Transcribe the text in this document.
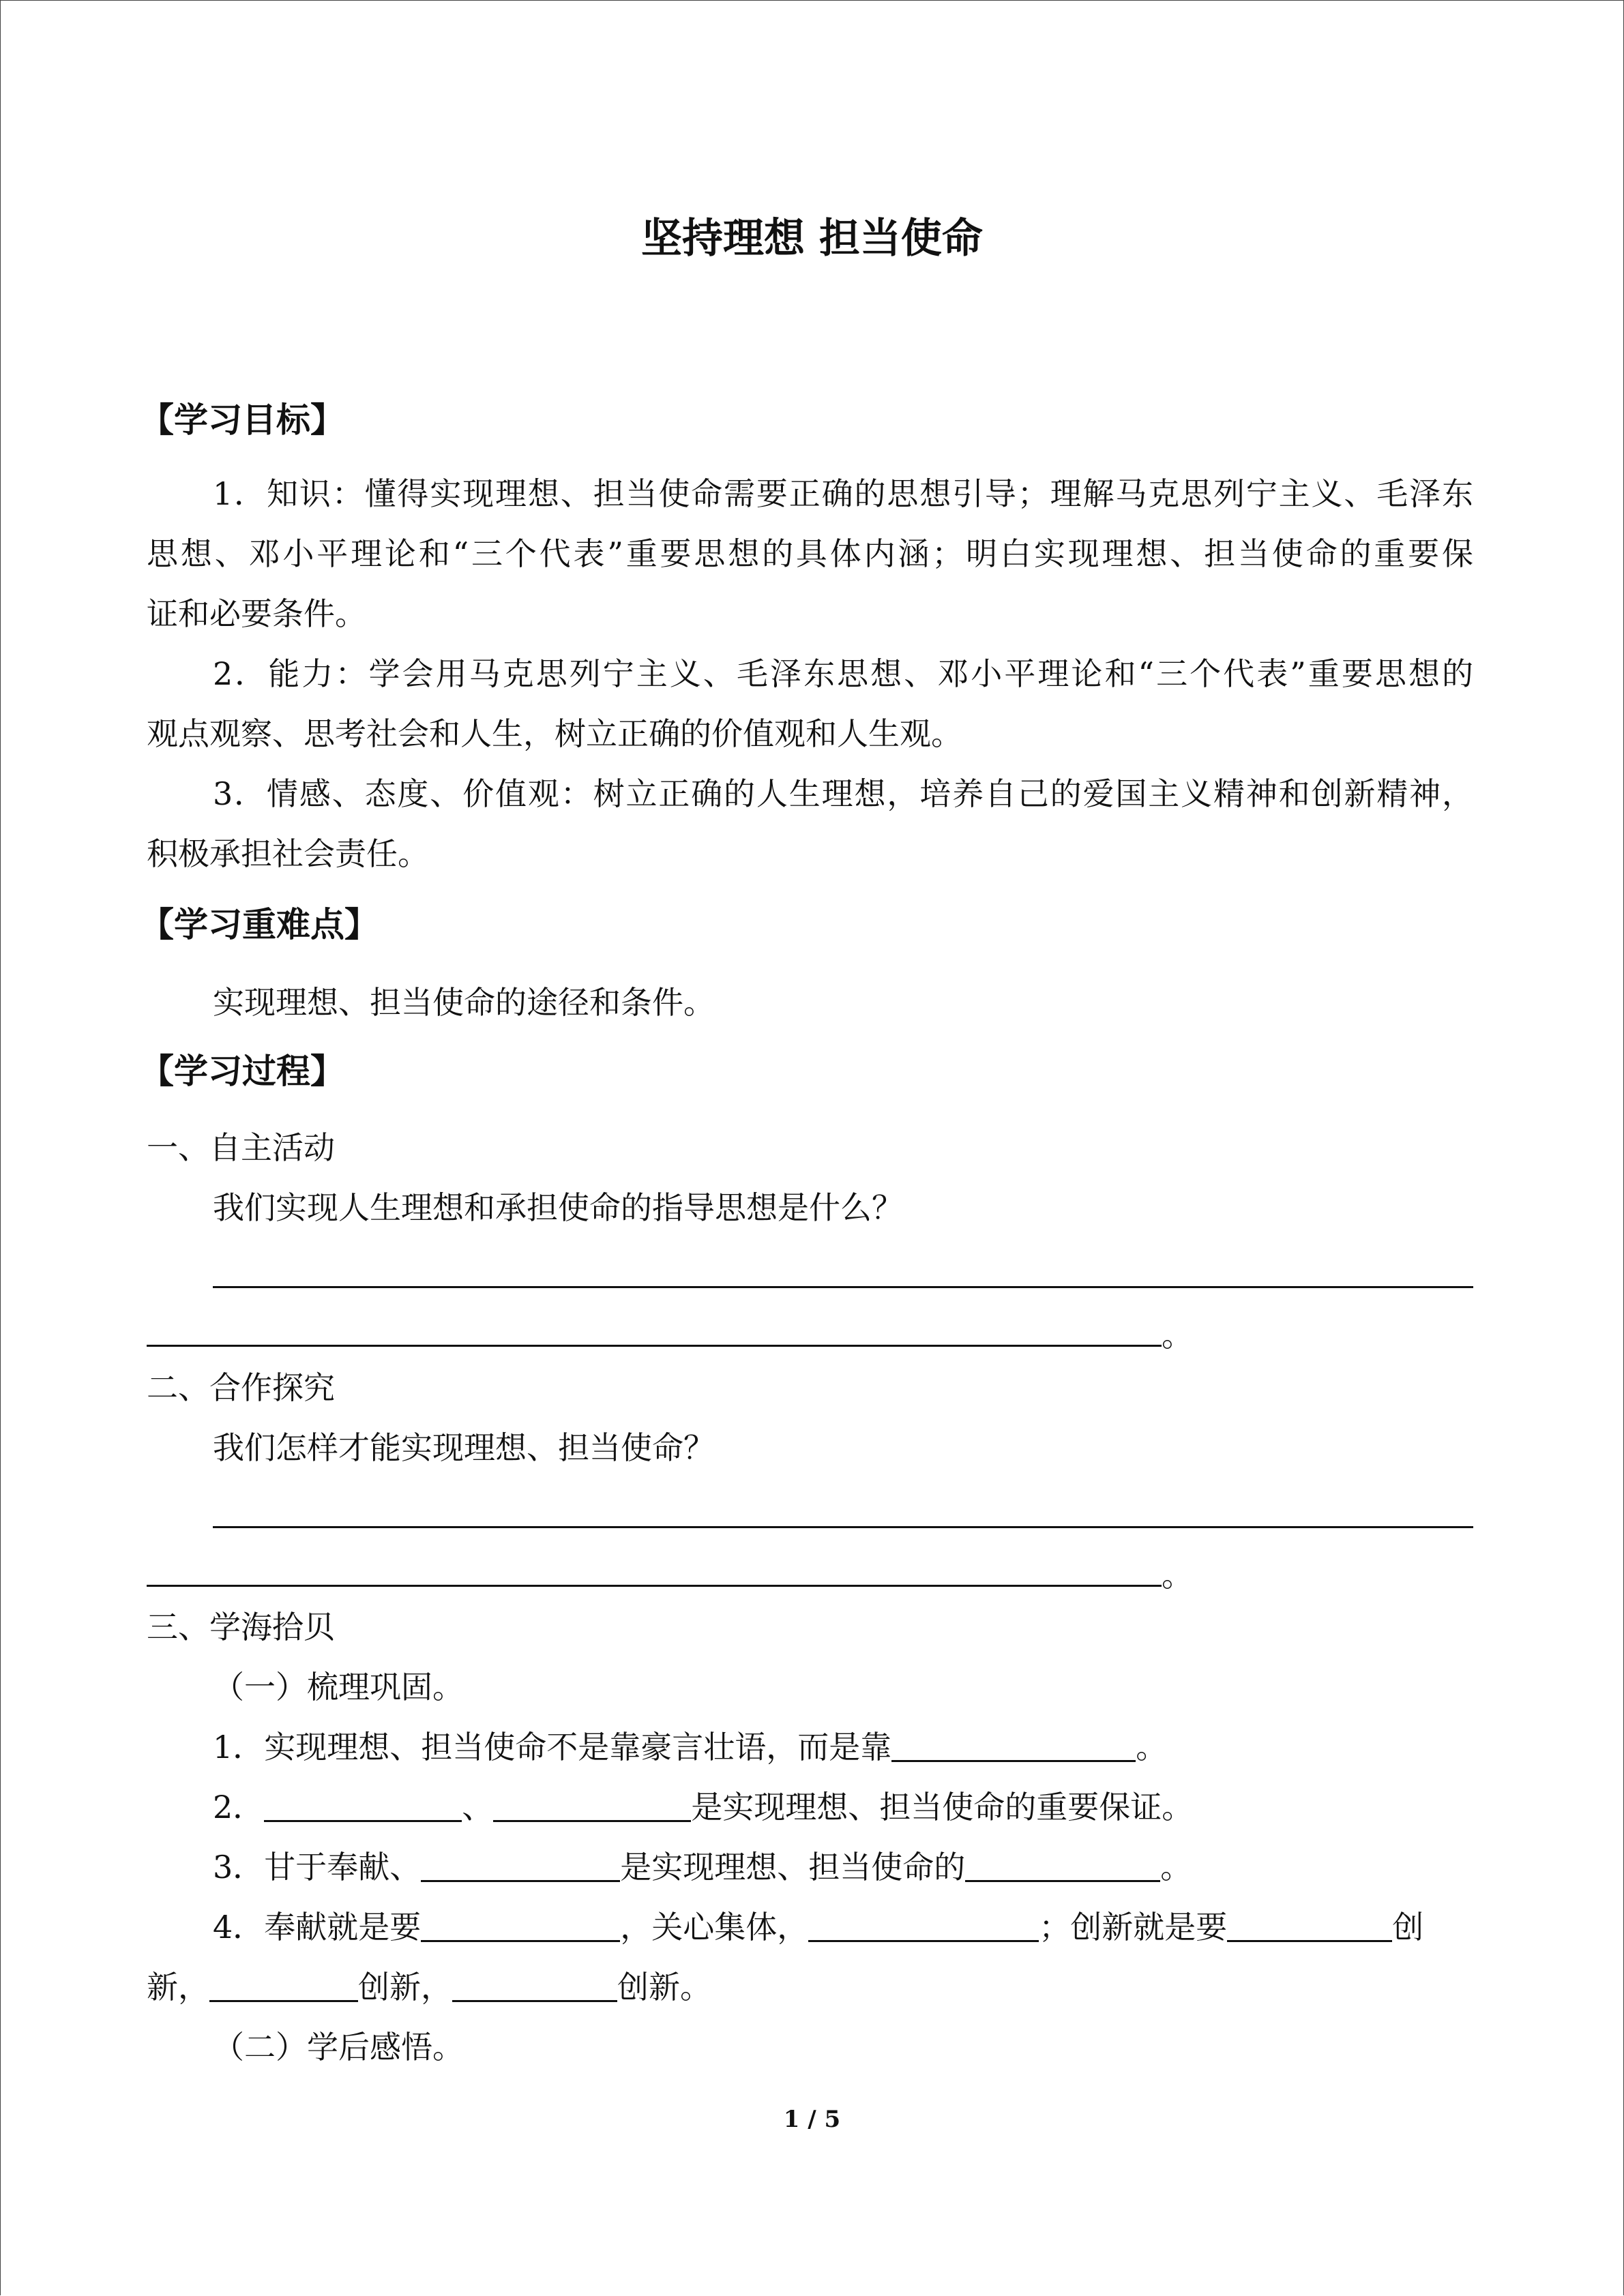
坚持理想 担当使命
【学习目标】
1．知识：懂得实现理想、担当使命需要正确的思想引导；理解马克思列宁主义、毛泽东
思想、邓小平理论和“三个代表”重要思想的具体内涵；明白实现理想、担当使命的重要保
证和必要条件。
2．能力：学会用马克思列宁主义、毛泽东思想、邓小平理论和“三个代表”重要思想的
观点观察、思考社会和人生，树立正确的价值观和人生观。
3．情感、态度、价值观：树立正确的人生理想，培养自己的爱国主义精神和创新精神，
积极承担社会责任。
【学习重难点】
实现理想、担当使命的途径和条件。
【学习过程】
一、自主活动
我们实现人生理想和承担使命的指导思想是什么？
。
二、合作探究
我们怎样才能实现理想、担当使命？
。
三、学海拾贝
（一）梳理巩固。
1．实现理想、担当使命不是靠豪言壮语，而是靠	。
2．	、	是实现理想、担当使命的重要保证。
3．甘于奉献、	是实现理想、担当使命的	。
4．奉献就是要	，关心集体，	；创新就是要	创
新，	创新，	创新。
（二）学后感悟。
1 / 5
